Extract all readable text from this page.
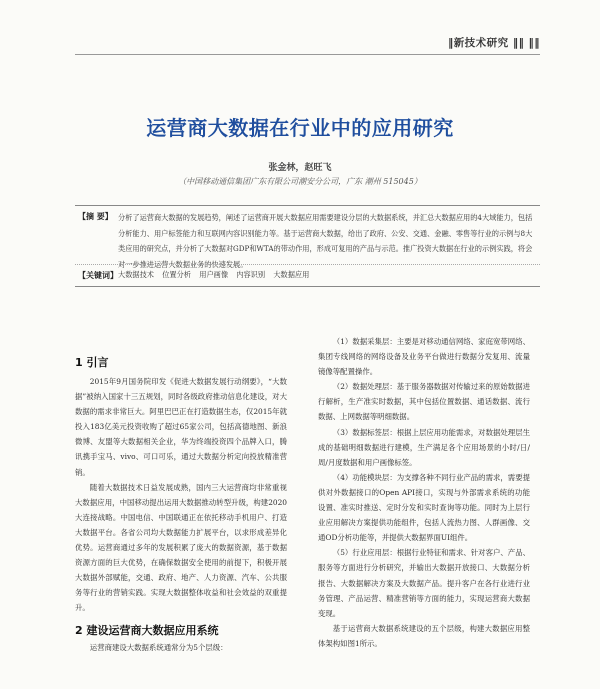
‖新技术研究 ‖‖ ‖‖
运营商大数据在行业中的应用研究
张金林，赵旺飞
（中国移动通信集团广东有限公司潮安分公司，广东 潮州 515045）
【摘 要】 分析了运营商大数据的发展趋势，阐述了运营商开展大数据应用需要建设分层的大数据系统，并汇总大数据应用的4大域能力，包括分析能力、用户标签能力和互联网内容识别能力等。基于运营商大数据，给出了政府、公安、交通、金融、零售等行业的示例与8大类应用的研究点，并分析了大数据对GDP和WTA的带动作用，形成可复用的产品与示范。推广投资大数据在行业的示例实践，将会对一步推进运营大数据业务的快速发展。
【关键词】 大数据技术 位置分析 用户画像 内容识别 大数据应用
1 引言

2015年9月国务院印发《促进大数据发展行动纲要》，“大数据”被纳入国家十三五规划，同时各级政府推动信息化建设，对大数据的需求非常巨大。阿里巴巴正在打造数据生态，仅2015年就投入183亿美元投资收购了超过65家公司，包括高德地图、新浪微博、友盟等大数据相关企业，华为终端投资四个品牌入口，腾讯携手宝马、vivo、可口可乐，通过大数据分析定向投放精准营销。

随着大数据技术日益发展成熟，国内三大运营商均非常重视大数据应用，中国移动提出运用大数据推动转型升级，构建2020大连接战略。中国电信、中国联通正在依托移动手机用户、打造大数据平台。各省公司均大数据能力扩展平台，以求形成差异化优势。运营商通过多年的发展积累了庞大的数据资源，基于数据资源方面的巨大优势，在确保数据安全使用的前提下，积极开展大数据外部赋能，交通、政府、地产、人力资源、汽车、公共服务等行业的营销实践。实现大数据整体收益和社会效益的双重提升。

2 建设运营商大数据应用系统

运营商建设大数据系统通常分为5个层级：

（1）数据采集层：主要是对移动通信网络、家庭宽带网络、集团专线网络的网络设备及业务平台做进行数据分发复用、流量镜像等配置操作。

（2）数据处理层：基于服务器数据对传输过来的原始数据进行解析，生产准实时数据，其中包括位置数据、通话数据、流行数据、上网数据等明细数据。

（3）数据标签层：根据上层应用功能需求，对数据处理层生成的基础明细数据进行建模，生产满足各个应用场景的小时/日/周/月度数据和用户画像标签。

（4）功能模块层：为支撑各种不同行业产品的需求，需要提供对外数据接口的Open API接口，实现与外部需求系统的功能设置、准实时推送、定时分发和实时查询等功能。同时为上层行业应用解决方案提供功能组件，包括人流热力图、人群画像、交通OD分析功能等，并提供大数据界面UI组件。

（5）行业应用层：根据行业特征和需求、针对客户、产品、服务等方面进行分析研究，并输出大数据开放接口、大数据分析报告、大数据解决方案及大数据产品。提升客户在各行业进行业务管理、产品运营、精准营销等方面的能力，实现运营商大数据变现。

基于运营商大数据系统建设的五个层级，构建大数据应用整体架构如图1所示。
